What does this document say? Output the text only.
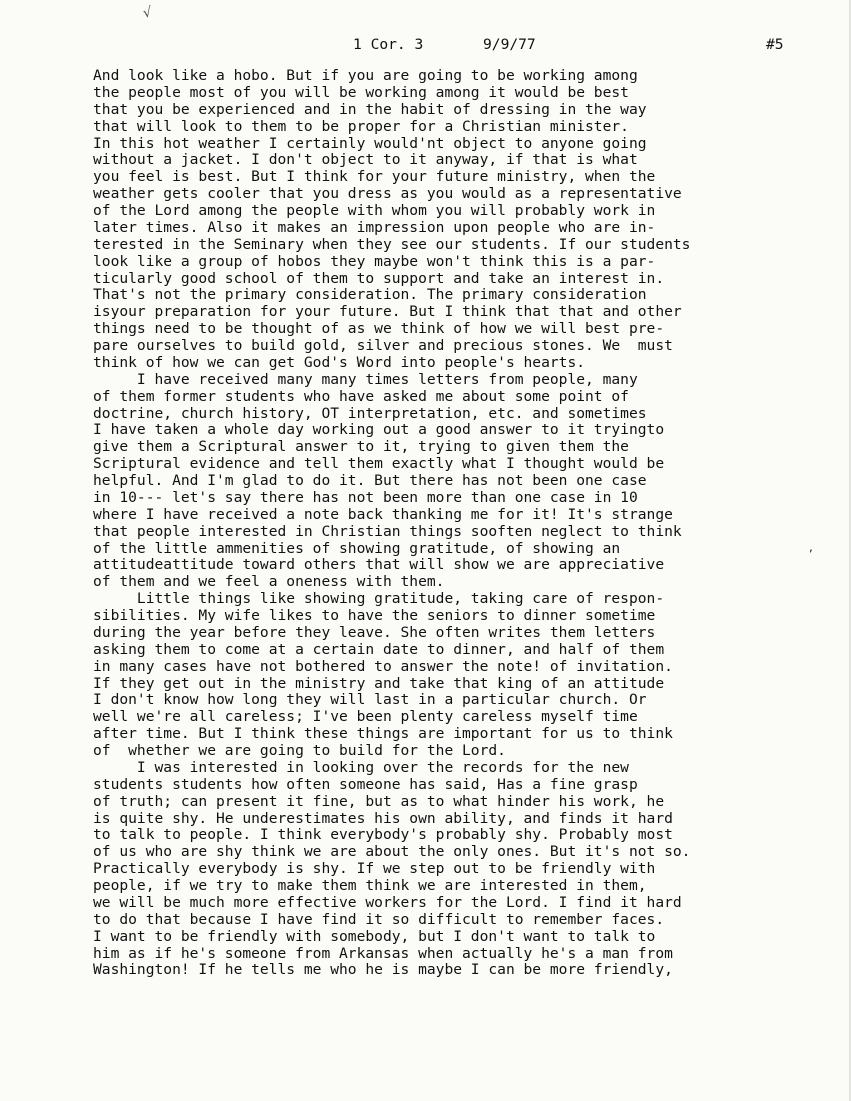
√
1 Cor. 3	9/9/77	#5
And look like a hobo. But if you are going to be working among
the people most of you will be working among it would be best
that you be experienced and in the habit of dressing in the way
that will look to them to be proper for a Christian minister.
In this hot weather I certainly would'nt object to anyone going
without a jacket. I don't object to it anyway, if that is what
you feel is best. But I think for your future ministry, when the
weather gets cooler that you dress as you would as a representative
of the Lord among the people with whom you will probably work in
later times. Also it makes an impression upon people who are in-
terested in the Seminary when they see our students. If our students
look like a group of hobos they maybe won't think this is a par-
ticularly good school of them to support and take an interest in.
That's not the primary consideration. The primary consideration
isyour preparation for your future. But I think that that and other
things need to be thought of as we think of how we will best pre-
pare ourselves to build gold, silver and precious stones. We  must
think of how we can get God's Word into people's hearts.
I have received many many times letters from people, many
of them former students who have asked me about some point of
doctrine, church history, OT interpretation, etc. and sometimes
I have taken a whole day working out a good answer to it tryingto
give them a Scriptural answer to it, trying to given them the
Scriptural evidence and tell them exactly what I thought would be
helpful. And I'm glad to do it. But there has not been one case
in 10--- let's say there has not been more than one case in 10
where I have received a note back thanking me for it! It's strange
that people interested in Christian things sooften neglect to think
of the little ammenities of showing gratitude, of showing an
attitudeattitude toward others that will show we are appreciative
of them and we feel a oneness with them.
Little things like showing gratitude, taking care of respon-
sibilities. My wife likes to have the seniors to dinner sometime
during the year before they leave. She often writes them letters
asking them to come at a certain date to dinner, and half of them
in many cases have not bothered to answer the note! of invitation.
If they get out in the ministry and take that king of an attitude
I don't know how long they will last in a particular church. Or
well we're all careless; I've been plenty careless myself time
after time. But I think these things are important for us to think
of  whether we are going to build for the Lord.
I was interested in looking over the records for the new
students students how often someone has said, Has a fine grasp
of truth; can present it fine, but as to what hinder his work, he
is quite shy. He underestimates his own ability, and finds it hard
to talk to people. I think everybody's probably shy. Probably most
of us who are shy think we are about the only ones. But it's not so.
Practically everybody is shy. If we step out to be friendly with
people, if we try to make them think we are interested in them,
we will be much more effective workers for the Lord. I find it hard
to do that because I have find it so difficult to remember faces.
I want to be friendly with somebody, but I don't want to talk to
him as if he's someone from Arkansas when actually he's a man from
Washington! If he tells me who he is maybe I can be more friendly,
,
